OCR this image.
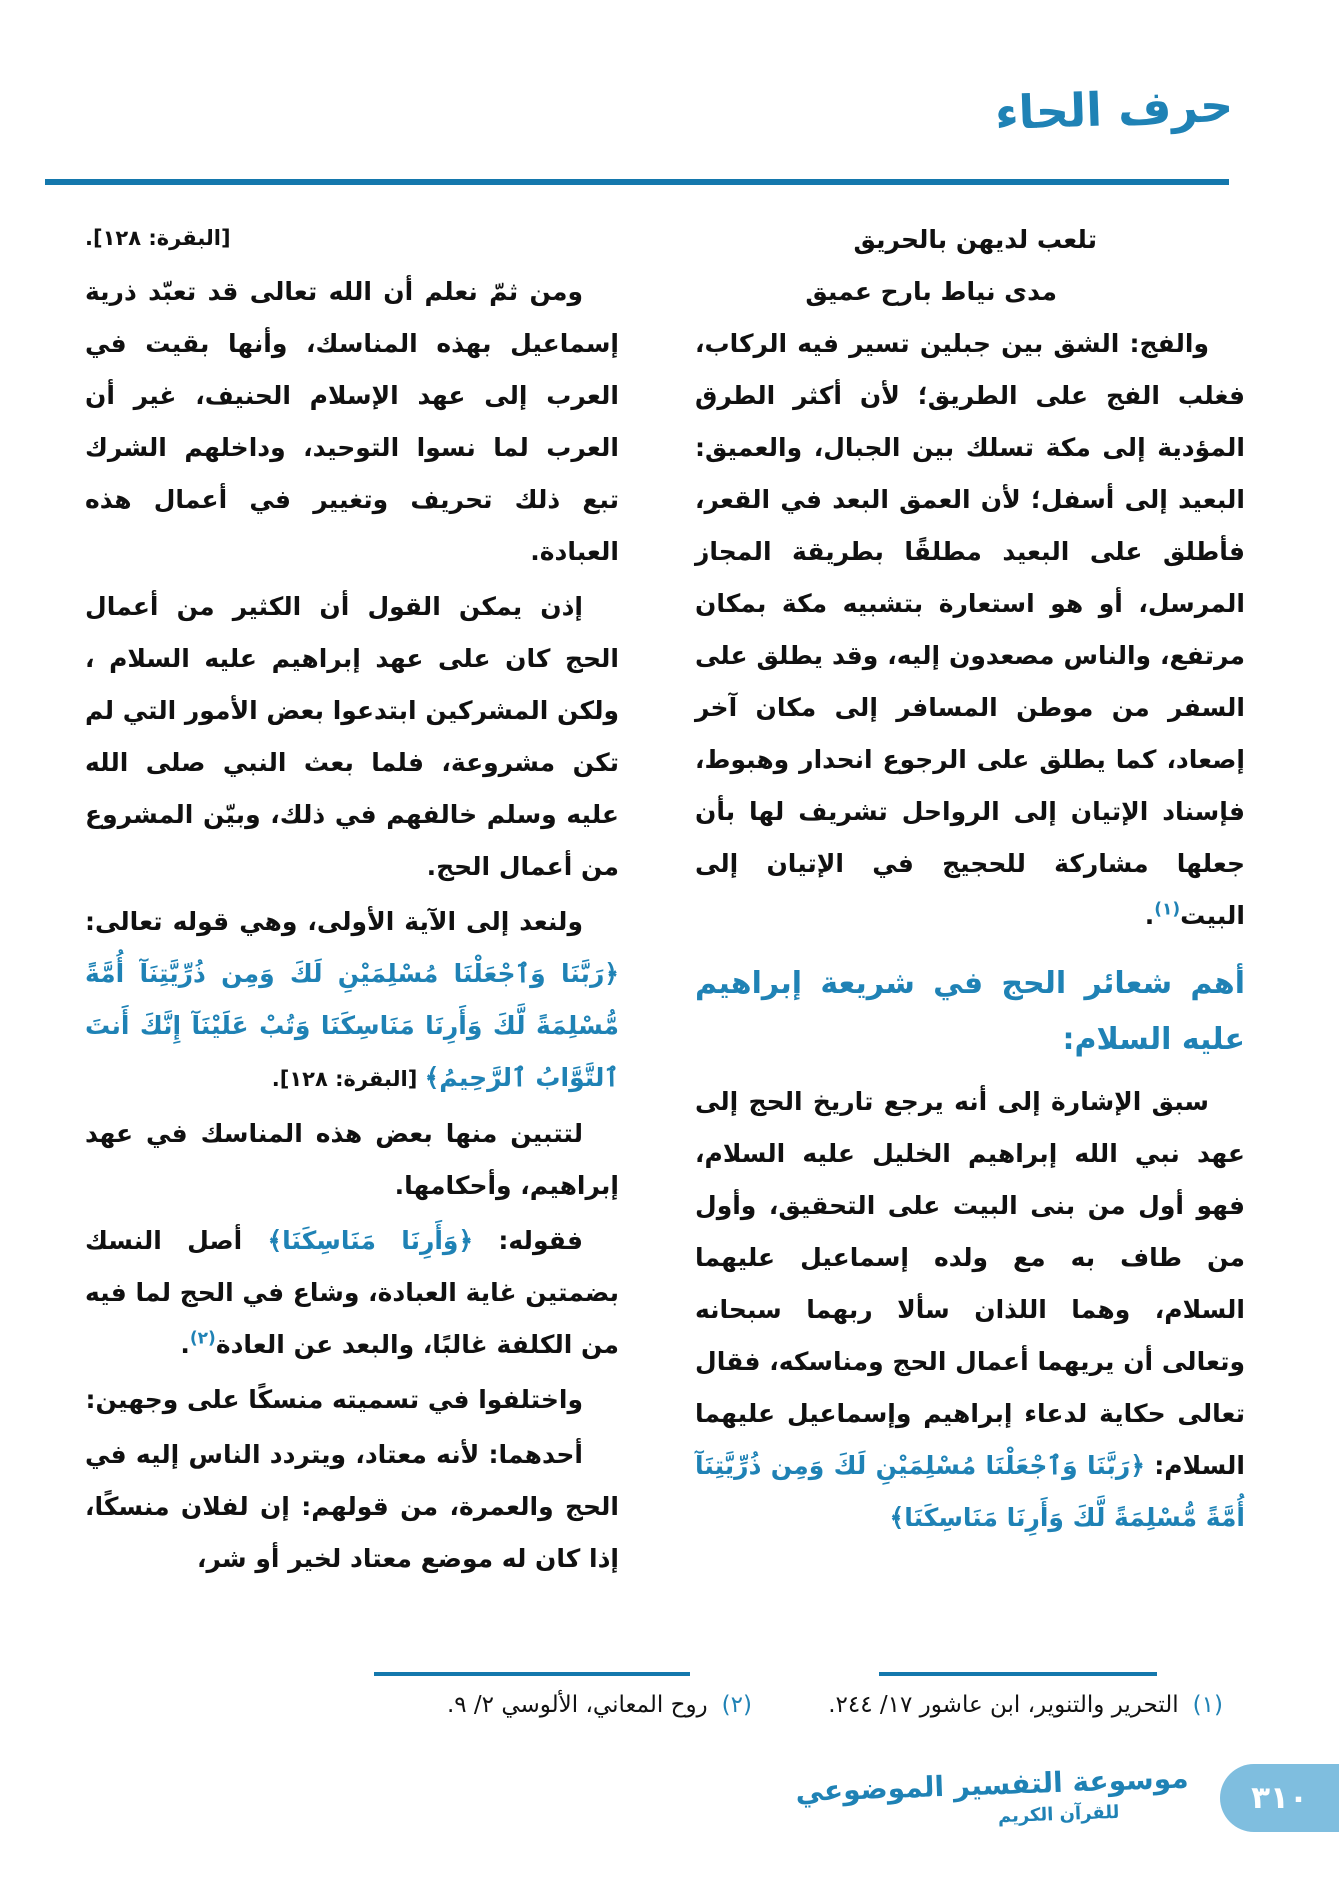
حرف الحاء

تلعب لديهن بالحريق

مدى نياط بارح عميق

والفج: الشق بين جبلين تسير فيه الركاب، فغلب الفج على الطريق؛ لأن أكثر الطرق المؤدية إلى مكة تسلك بين الجبال، والعميق: البعيد إلى أسفل؛ لأن العمق البعد في القعر، فأطلق على البعيد مطلقًا بطريقة المجاز المرسل، أو هو استعارة بتشبيه مكة بمكان مرتفع، والناس مصعدون إليه، وقد يطلق على السفر من موطن المسافر إلى مكان آخر إصعاد، كما يطلق على الرجوع انحدار وهبوط، فإسناد الإتيان إلى الرواحل تشريف لها بأن جعلها مشاركة للحجيج في الإتيان إلى البيت$^{(١)}$.

أهم شعائر الحج في شريعة إبراهيم عليه السلام:

سبق الإشارة إلى أنه يرجع تاريخ الحج إلى عهد نبي الله إبراهيم الخليل عليه السلام، فهو أول من بنى البيت على التحقيق، وأول من طاف به مع ولده إسماعيل عليهما السلام، وهما اللذان سألا ربهما سبحانه وتعالى أن يريهما أعمال الحج ومناسكه، فقال تعالى حكاية لدعاء إبراهيم وإسماعيل عليهما السلام: ﴿رَبَّنَا وَٱجْعَلْنَا مُسْلِمَيْنِ لَكَ وَمِن ذُرِّيَّتِنَآ أُمَّةً مُّسْلِمَةً لَّكَ وَأَرِنَا مَنَاسِكَنَا﴾

[البقرة: ١٢٨].

ومن ثمّ نعلم أن الله تعالى قد تعبّد ذرية إسماعيل بهذه المناسك، وأنها بقيت في العرب إلى عهد الإسلام الحنيف، غير أن العرب لما نسوا التوحيد، وداخلهم الشرك تبع ذلك تحريف وتغيير في أعمال هذه العبادة.

إذن يمكن القول أن الكثير من أعمال الحج كان على عهد إبراهيم عليه السلام ، ولكن المشركين ابتدعوا بعض الأمور التي لم تكن مشروعة، فلما بعث النبي صلى الله عليه وسلم خالفهم في ذلك، وبيّن المشروع من أعمال الحج.

ولنعد إلى الآية الأولى، وهي قوله تعالى: ﴿رَبَّنَا وَٱجْعَلْنَا مُسْلِمَيْنِ لَكَ وَمِن ذُرِّيَّتِنَآ أُمَّةً مُّسْلِمَةً لَّكَ وَأَرِنَا مَنَاسِكَنَا وَتُبْ عَلَيْنَآ إِنَّكَ أَنتَ ٱلتَّوَّابُ ٱلرَّحِيمُ﴾ [البقرة: ١٢٨].

لتتبين منها بعض هذه المناسك في عهد إبراهيم، وأحكامها.

فقوله: ﴿وَأَرِنَا مَنَاسِكَنَا﴾ أصل النسك بضمتين غاية العبادة، وشاع في الحج لما فيه من الكلفة غالبًا، والبعد عن العادة$^{(٢)}$.

واختلفوا في تسميته منسكًا على وجهين:

أحدهما: لأنه معتاد، ويتردد الناس إليه في الحج والعمرة، من قولهم: إن لفلان منسكًا، إذا كان له موضع معتاد لخير أو شر،

(١)التحرير والتنوير، ابن عاشور ١٧/ ٢٤٤.

(٢)روح المعاني، الألوسي ٢/ ٩.

موسوعة التفسير الموضوعي
للقرآن الكريم	٣١٠
